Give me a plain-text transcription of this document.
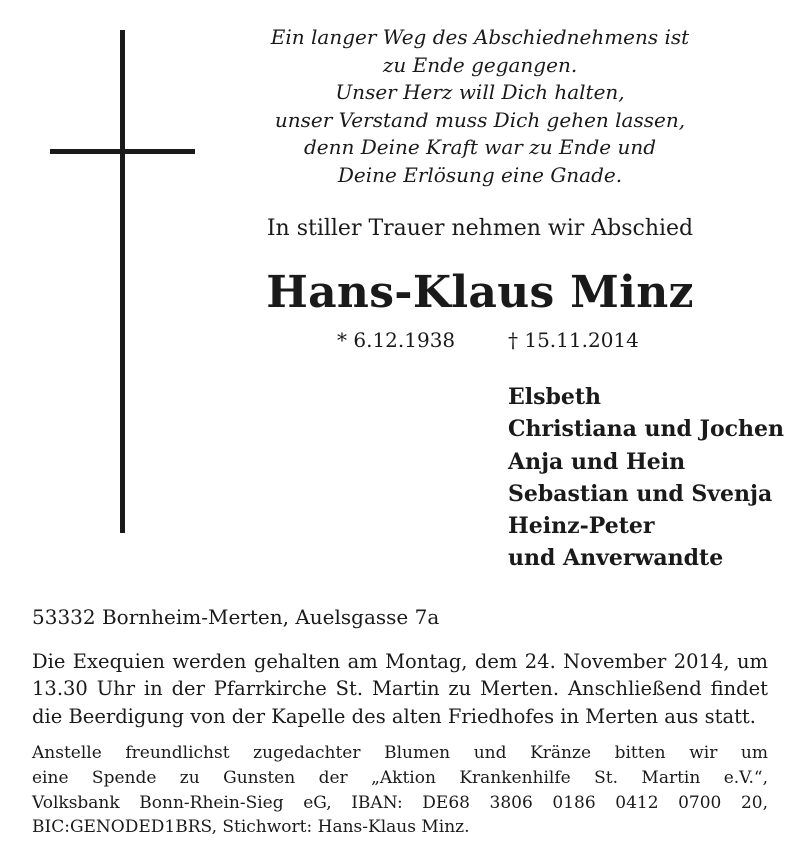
Ein langer Weg des Abschiednehmens ist
zu Ende gegangen.
Unser Herz will Dich halten,
unser Verstand muss Dich gehen lassen,
denn Deine Kraft war zu Ende und
Deine Erlösung eine Gnade.
In stiller Trauer nehmen wir Abschied
Hans-Klaus Minz
* 6.12.1938	† 15.11.2014
Elsbeth
Christiana und Jochen
Anja und Hein
Sebastian und Svenja
Heinz-Peter
und Anverwandte
53332 Bornheim-Merten, Auelsgasse 7a
Die Exequien werden gehalten am Montag, dem 24. November 2014, um
13.30 Uhr in der Pfarrkirche St. Martin zu Merten. Anschließend findet
die Beerdigung von der Kapelle des alten Friedhofes in Merten aus statt.
Anstelle freundlichst zugedachter Blumen und Kränze bitten wir um
eine Spende zu Gunsten der „Aktion Krankenhilfe St. Martin e.V.“,
Volksbank Bonn-Rhein-Sieg eG, IBAN: DE68 3806 0186 0412 0700 20,
BIC:GENODED1BRS, Stichwort: Hans-Klaus Minz.
